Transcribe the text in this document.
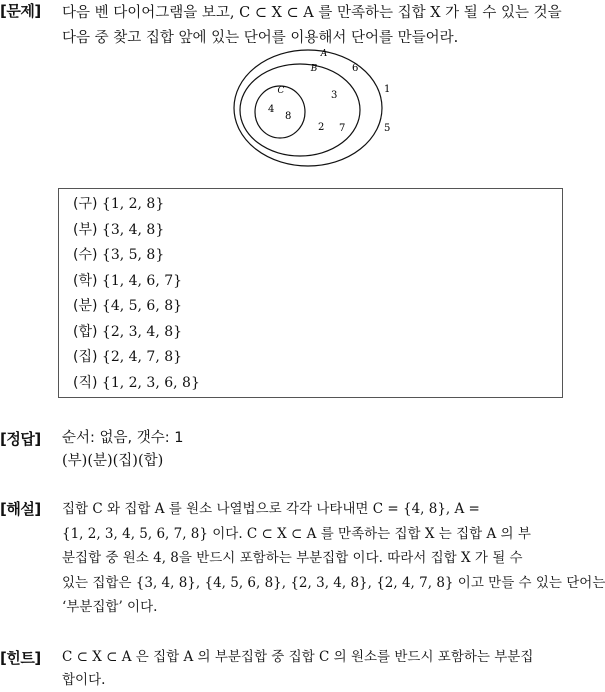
[문제] 다음 벤 다이어그램을 보고, C ⊂ X ⊂ A 를 만족하는 집합 X 가 될 수 있는 것을
다음 중 찾고 집합 앞에 있는 단어를 이용해서 단어를 만들어라.
A
B
C
4
8
3
2 7
6
1
5
(구) {1, 2, 8}
(부) {3, 4, 8}
(수) {3, 5, 8}
(학) {1, 4, 6, 7}
(분) {4, 5, 6, 8}
(합) {2, 3, 4, 8}
(집) {2, 4, 7, 8}
(직) {1, 2, 3, 6, 8}
[정답] 순서: 없음, 갯수: 1
(부)(분)(집)(합)
[해설] 집합 C 와 집합 A 를 원소 나열법으로 각각 나타내면 C = {4, 8}, A =
{1, 2, 3, 4, 5, 6, 7, 8} 이다. C ⊂ X ⊂ A 를 만족하는 집합 X 는 집합 A 의 부
분집합 중 원소 4, 8을 반드시 포함하는 부분집합 이다. 따라서 집합 X 가 될 수
있는 집합은 {3, 4, 8}, {4, 5, 6, 8}, {2, 3, 4, 8}, {2, 4, 7, 8} 이고 만들 수 있는 단어는
‘부분집합’ 이다.
[힌트] C ⊂ X ⊂ A 은 집합 A 의 부분집합 중 집합 C 의 원소를 반드시 포함하는 부분집
합이다.
